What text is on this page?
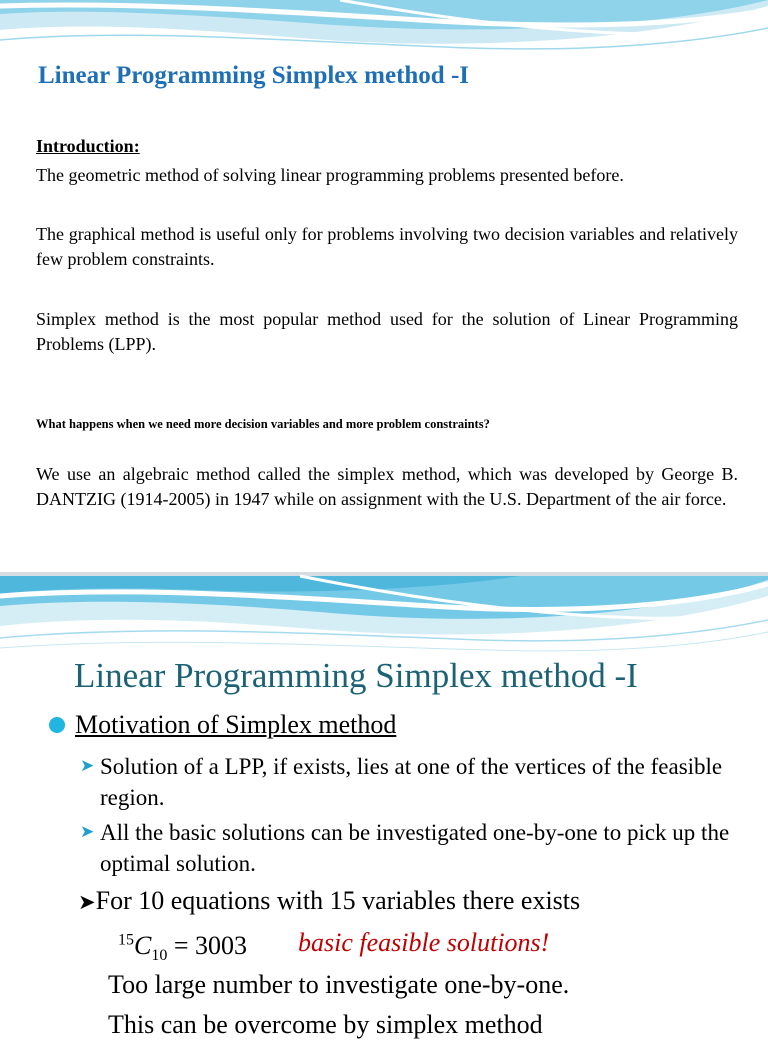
Linear Programming Simplex method -I
Introduction:
The geometric method of solving linear programming problems presented before.
The graphical method is useful only for problems involving two decision variables and relatively few problem constraints.
Simplex method is the most popular method used for the solution of Linear Programming Problems (LPP).
What happens when we need more decision variables and more problem constraints?
We use an algebraic method called the simplex method, which was developed by George B. DANTZIG (1914-2005) in 1947 while on assignment with the U.S. Department of the air force.
Linear Programming Simplex method -I
Motivation of Simplex method
➤ Solution of a LPP, if exists, lies at one of the vertices of the feasible region.
➤ All the basic solutions can be investigated one-by-one to pick up the optimal solution.
➤For 10 equations with 15 variables there exists
$^{15}C_{10} = 3003$ basic feasible solutions!
Too large number to investigate one-by-one.
This can be overcome by simplex method
